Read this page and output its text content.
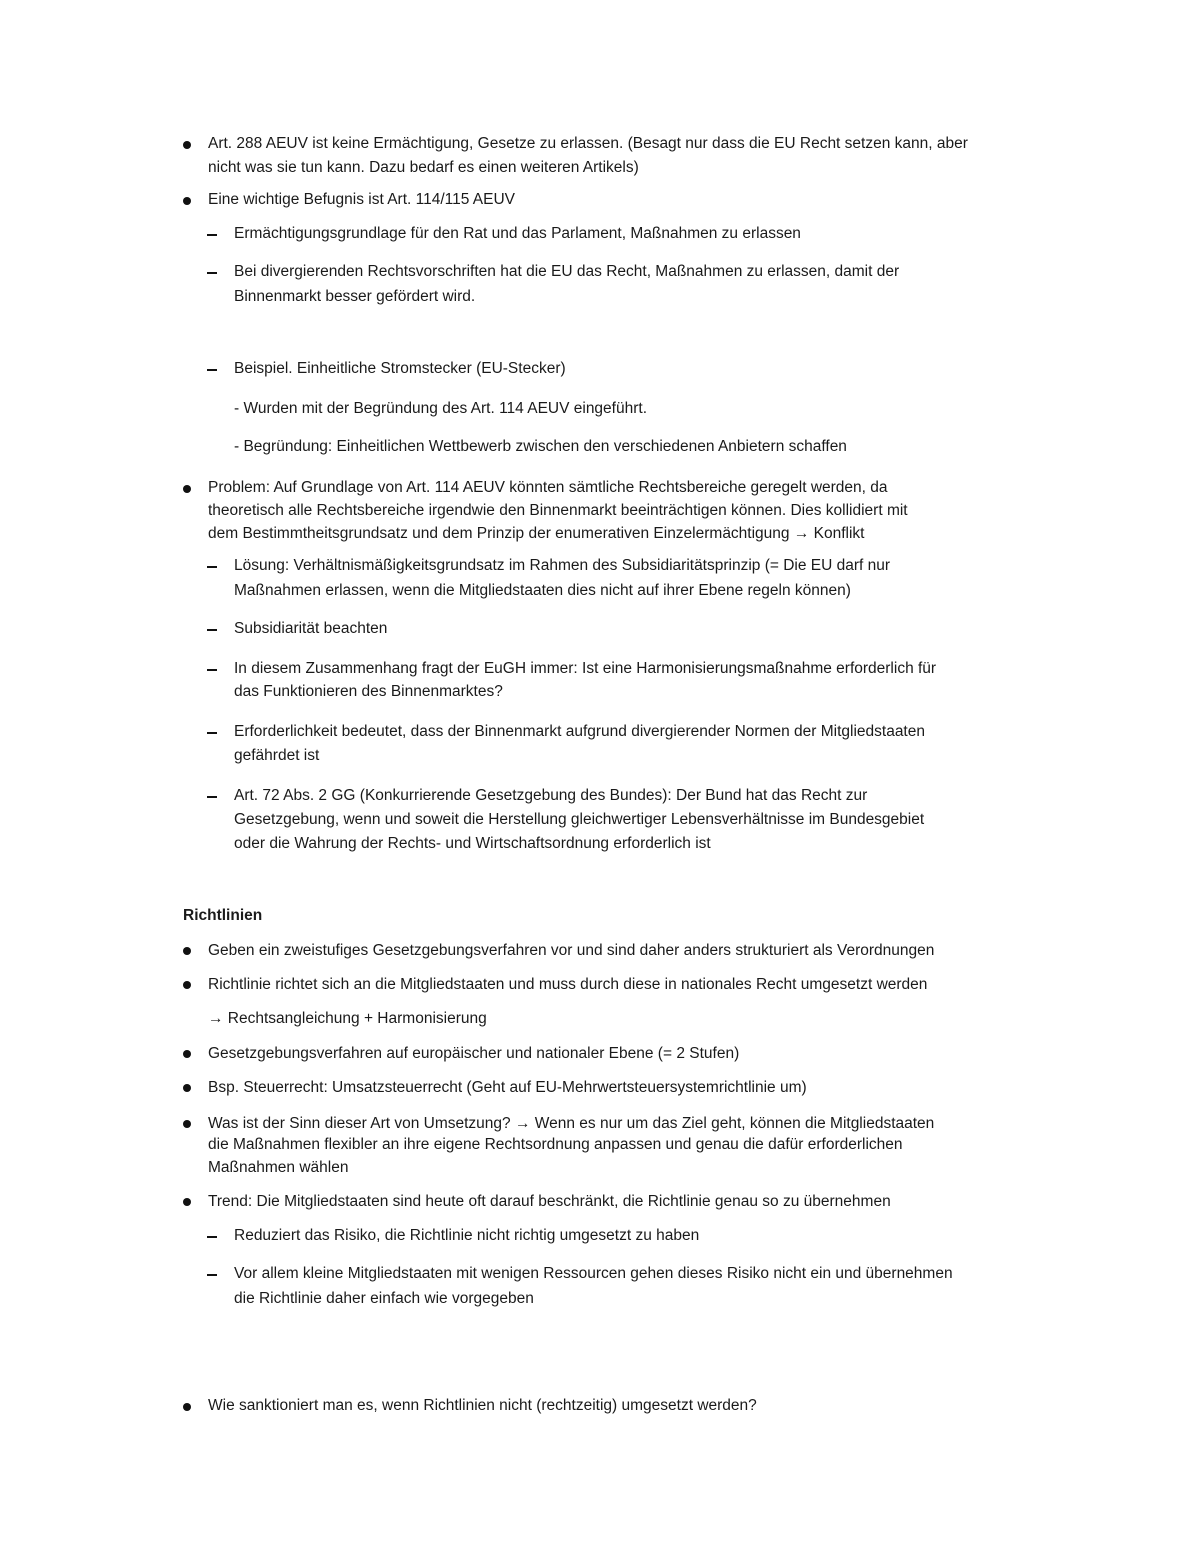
Art. 288 AEUV ist keine Ermächtigung, Gesetze zu erlassen. (Besagt nur dass die EU Recht setzen kann, aber
nicht was sie tun kann. Dazu bedarf es einen weiteren Artikels)
Eine wichtige Befugnis ist Art. 114/115 AEUV
Ermächtigungsgrundlage für den Rat und das Parlament, Maßnahmen zu erlassen
Bei divergierenden Rechtsvorschriften hat die EU das Recht, Maßnahmen zu erlassen, damit der
Binnenmarkt besser gefördert wird.
Beispiel. Einheitliche Stromstecker (EU-Stecker)
- Wurden mit der Begründung des Art. 114 AEUV eingeführt.
- Begründung: Einheitlichen Wettbewerb zwischen den verschiedenen Anbietern schaffen
Problem: Auf Grundlage von Art. 114 AEUV könnten sämtliche Rechtsbereiche geregelt werden, da
theoretisch alle Rechtsbereiche irgendwie den Binnenmarkt beeinträchtigen können. Dies kollidiert mit
dem Bestimmtheitsgrundsatz und dem Prinzip der enumerativen Einzelermächtigung → Konflikt
Lösung: Verhältnismäßigkeitsgrundsatz im Rahmen des Subsidiaritätsprinzip (= Die EU darf nur
Maßnahmen erlassen, wenn die Mitgliedstaaten dies nicht auf ihrer Ebene regeln können)
Subsidiarität beachten
In diesem Zusammenhang fragt der EuGH immer: Ist eine Harmonisierungsmaßnahme erforderlich für
das Funktionieren des Binnenmarktes?
Erforderlichkeit bedeutet, dass der Binnenmarkt aufgrund divergierender Normen der Mitgliedstaaten
gefährdet ist
Art. 72 Abs. 2 GG (Konkurrierende Gesetzgebung des Bundes): Der Bund hat das Recht zur
Gesetzgebung, wenn und soweit die Herstellung gleichwertiger Lebensverhältnisse im Bundesgebiet
oder die Wahrung der Rechts- und Wirtschaftsordnung erforderlich ist
Richtlinien
Geben ein zweistufiges Gesetzgebungsverfahren vor und sind daher anders strukturiert als Verordnungen
Richtlinie richtet sich an die Mitgliedstaaten und muss durch diese in nationales Recht umgesetzt werden
→ Rechtsangleichung + Harmonisierung
Gesetzgebungsverfahren auf europäischer und nationaler Ebene (= 2 Stufen)
Bsp. Steuerrecht: Umsatzsteuerrecht (Geht auf EU-Mehrwertsteuersystemrichtlinie um)
Was ist der Sinn dieser Art von Umsetzung? → Wenn es nur um das Ziel geht, können die Mitgliedstaaten
die Maßnahmen flexibler an ihre eigene Rechtsordnung anpassen und genau die dafür erforderlichen
Maßnahmen wählen
Trend: Die Mitgliedstaaten sind heute oft darauf beschränkt, die Richtlinie genau so zu übernehmen
Reduziert das Risiko, die Richtlinie nicht richtig umgesetzt zu haben
Vor allem kleine Mitgliedstaaten mit wenigen Ressourcen gehen dieses Risiko nicht ein und übernehmen
die Richtlinie daher einfach wie vorgegeben
Wie sanktioniert man es, wenn Richtlinien nicht (rechtzeitig) umgesetzt werden?
